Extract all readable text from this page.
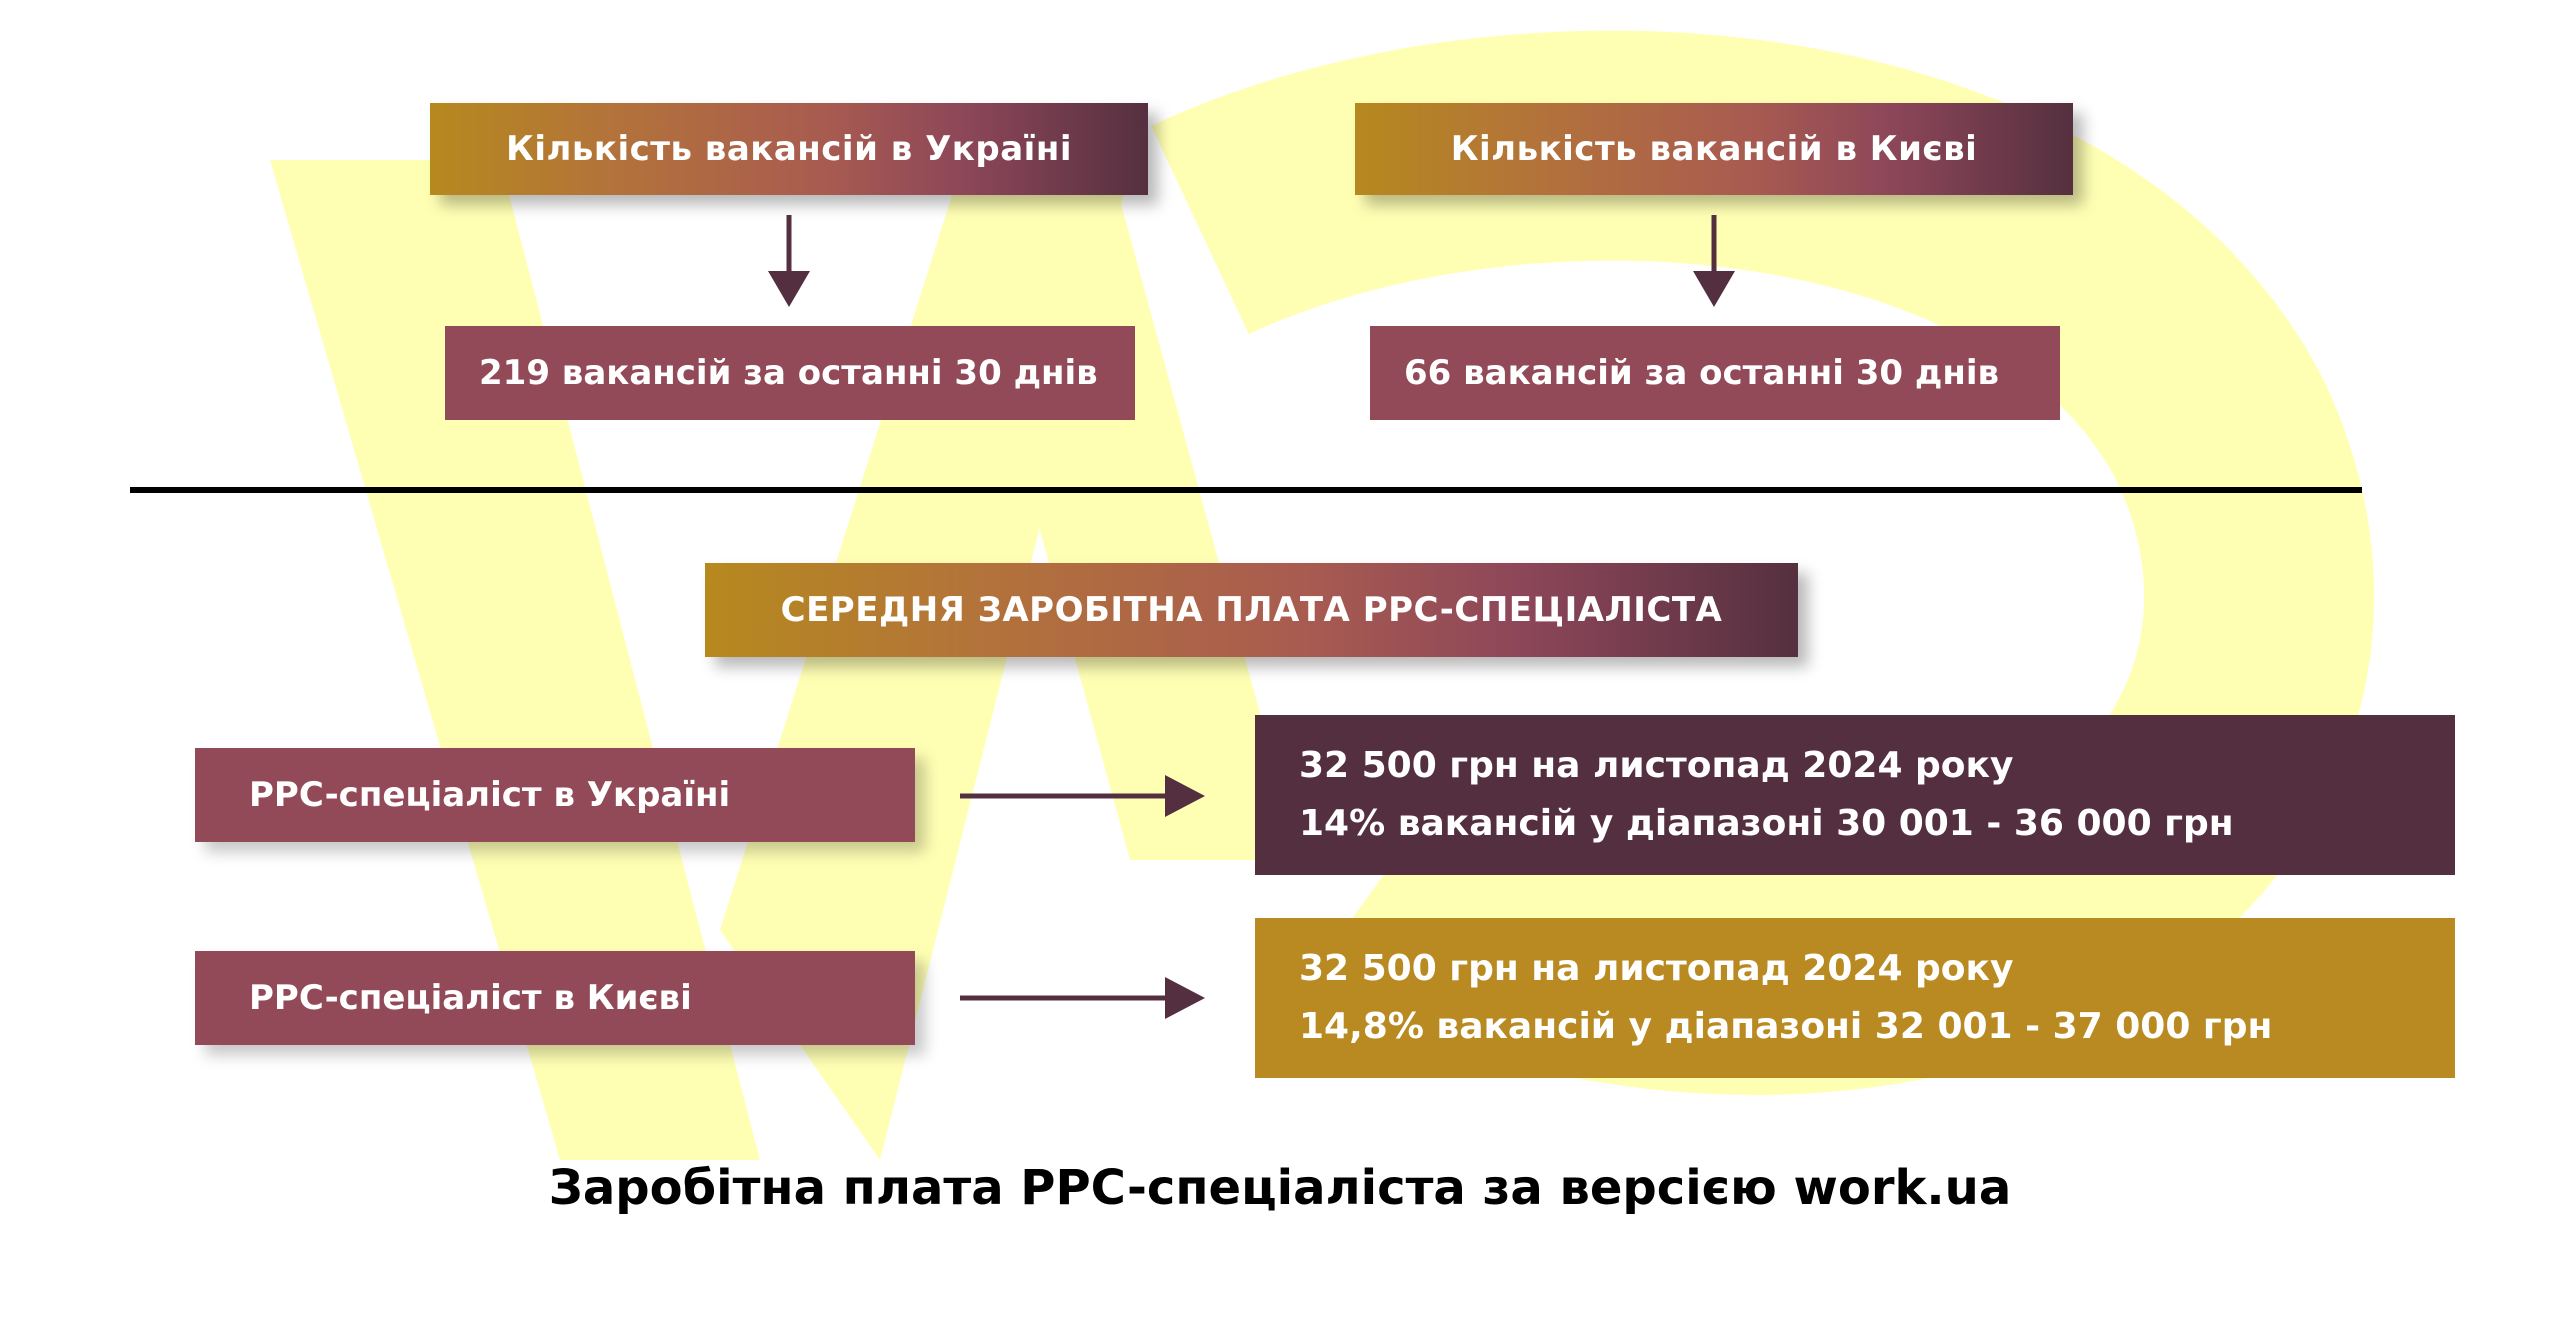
Кількість вакансій в Україні
219 вакансій за останні 30 днів
Кількість вакансій в Києві
66 вакансій за останні 30 днів
СЕРЕДНЯ ЗАРОБІТНА ПЛАТА PPC-СПЕЦІАЛІСТА
PPC-спеціаліст в Україні
32 500 грн на листопад 2024 року
14% вакансій у діапазоні 30 001 - 36 000 грн
PPC-спеціаліст в Києві
32 500 грн на листопад 2024 року
14,8% вакансій у діапазоні 32 001 - 37 000 грн
Заробітна плата PPC-спеціаліста за версією work.ua
